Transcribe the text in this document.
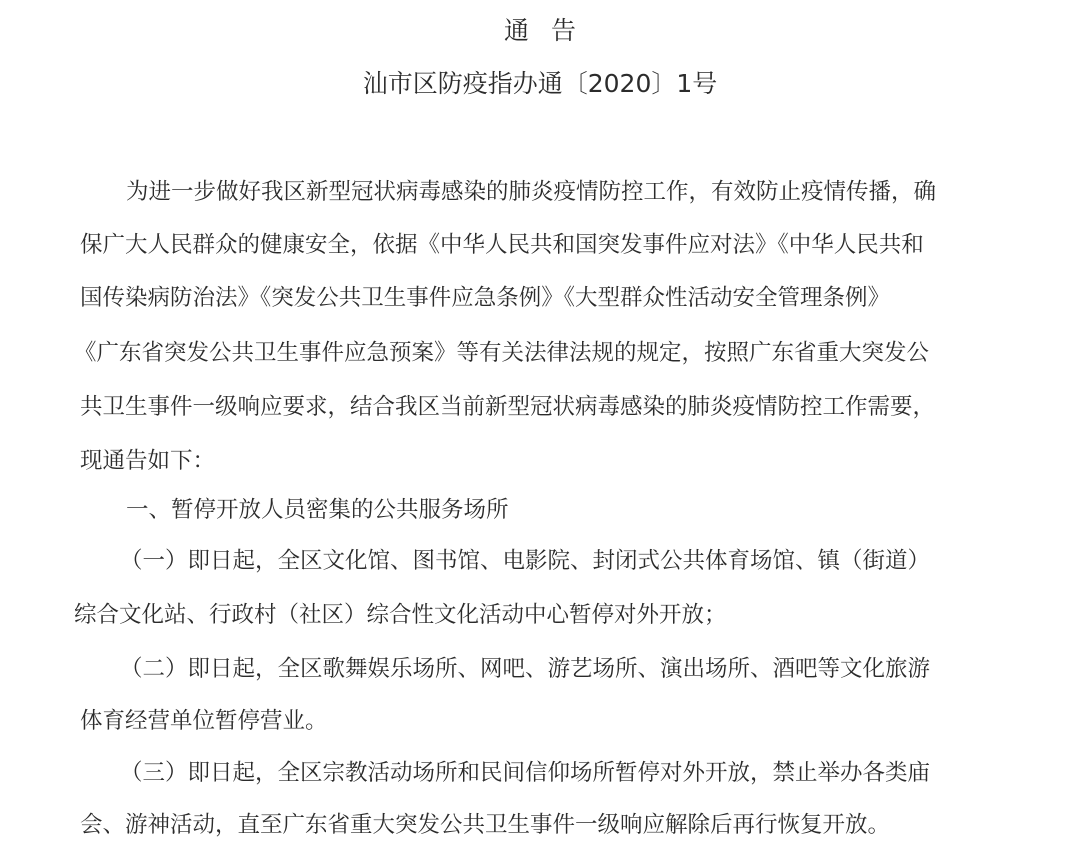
通 告
汕市区防疫指办通〔2020〕1号
为进一步做好我区新型冠状病毒感染的肺炎疫情防控工作，有效防止疫情传播，确
保广大人民群众的健康安全，依据《中华人民共和国突发事件应对法》《中华人民共和
国传染病防治法》《突发公共卫生事件应急条例》《大型群众性活动安全管理条例》
《广东省突发公共卫生事件应急预案》等有关法律法规的规定，按照广东省重大突发公
共卫生事件一级响应要求，结合我区当前新型冠状病毒感染的肺炎疫情防控工作需要，
现通告如下：
一、暂停开放人员密集的公共服务场所
（一）即日起，全区文化馆、图书馆、电影院、封闭式公共体育场馆、镇（街道）
综合文化站、行政村（社区）综合性文化活动中心暂停对外开放；
（二）即日起，全区歌舞娱乐场所、网吧、游艺场所、演出场所、酒吧等文化旅游
体育经营单位暂停营业。
（三）即日起，全区宗教活动场所和民间信仰场所暂停对外开放，禁止举办各类庙
会、游神活动，直至广东省重大突发公共卫生事件一级响应解除后再行恢复开放。
